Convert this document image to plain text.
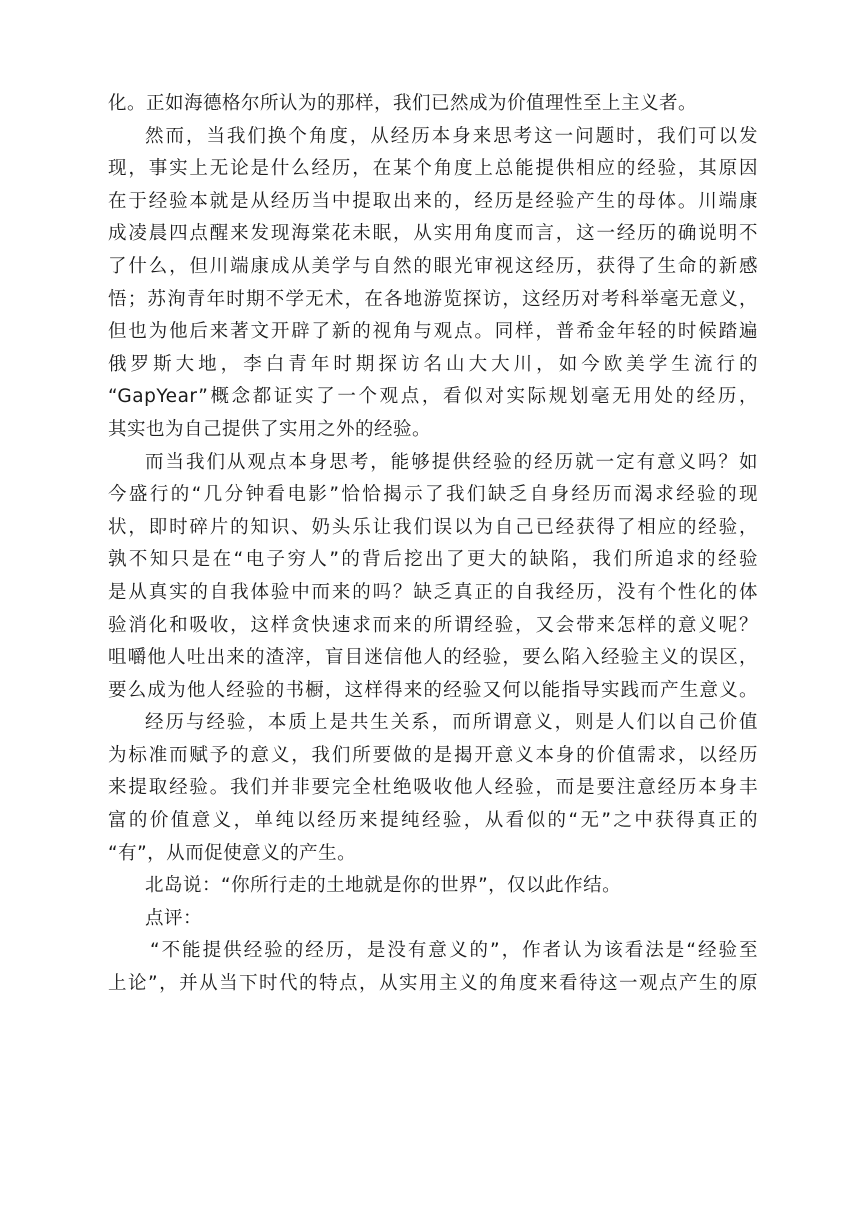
化。正如海德格尔所认为的那样，我们已然成为价值理性至上主义者。
然而，当我们换个角度，从经历本身来思考这一问题时，我们可以发
现，事实上无论是什么经历，在某个角度上总能提供相应的经验，其原因
在于经验本就是从经历当中提取出来的，经历是经验产生的母体。川端康
成凌晨四点醒来发现海棠花未眠，从实用角度而言，这一经历的确说明不
了什么，但川端康成从美学与自然的眼光审视这经历，获得了生命的新感
悟；苏洵青年时期不学无术，在各地游览探访，这经历对考科举毫无意义，
但也为他后来著文开辟了新的视角与观点。同样，普希金年轻的时候踏遍
俄罗斯大地，李白青年时期探访名山大大川，如今欧美学生流行的
“GapYear”概念都证实了一个观点，看似对实际规划毫无用处的经历，
其实也为自己提供了实用之外的经验。
而当我们从观点本身思考，能够提供经验的经历就一定有意义吗？如
今盛行的“几分钟看电影”恰恰揭示了我们缺乏自身经历而渴求经验的现
状，即时碎片的知识、奶头乐让我们误以为自己已经获得了相应的经验，
孰不知只是在“电子穷人”的背后挖出了更大的缺陷，我们所追求的经验
是从真实的自我体验中而来的吗？缺乏真正的自我经历，没有个性化的体
验消化和吸收，这样贪快速求而来的所谓经验，又会带来怎样的意义呢？
咀嚼他人吐出来的渣滓，盲目迷信他人的经验，要么陷入经验主义的误区，
要么成为他人经验的书橱，这样得来的经验又何以能指导实践而产生意义。
经历与经验，本质上是共生关系，而所谓意义，则是人们以自己价值
为标准而赋予的意义，我们所要做的是揭开意义本身的价值需求，以经历
来提取经验。我们并非要完全杜绝吸收他人经验，而是要注意经历本身丰
富的价值意义，单纯以经历来提纯经验，从看似的“无”之中获得真正的
“有”，从而促使意义的产生。
北岛说：“你所行走的土地就是你的世界”，仅以此作结。
点评：
“不能提供经验的经历，是没有意义的”，作者认为该看法是“经验至
上论”，并从当下时代的特点，从实用主义的角度来看待这一观点产生的原
